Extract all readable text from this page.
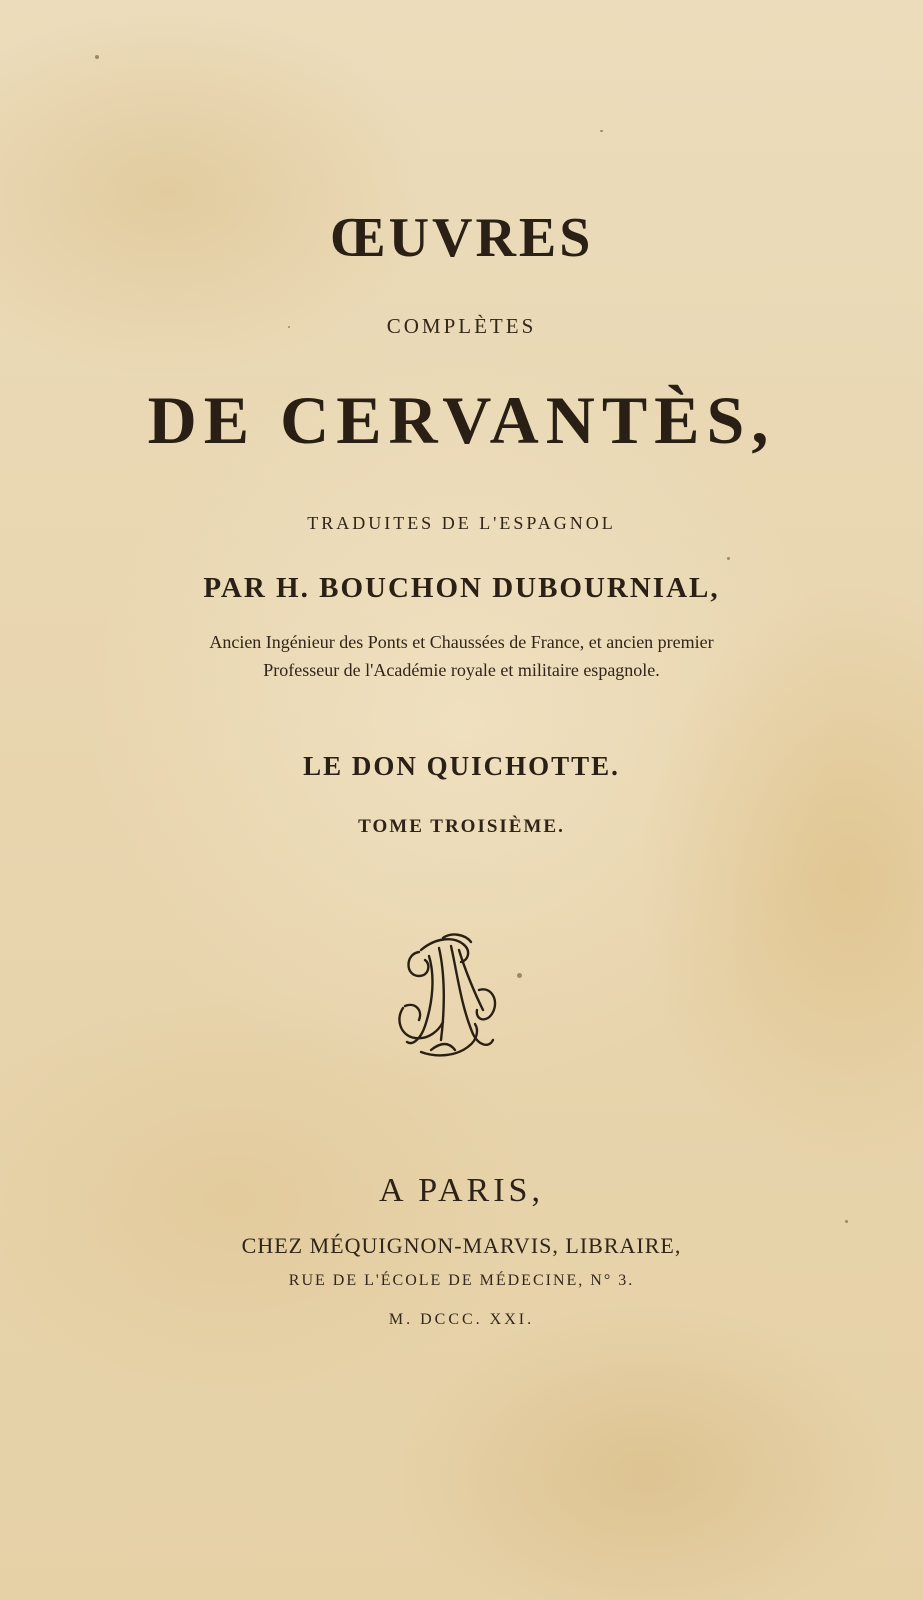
ŒUVRES
COMPLÈTES
DE CERVANTÈS,
TRADUITES DE L'ESPAGNOL
PAR H. BOUCHON DUBOURNIAL,
Ancien Ingénieur des Ponts et Chaussées de France, et ancien premier
Professeur de l'Académie royale et militaire espagnole.
LE DON QUICHOTTE.
TOME TROISIÈME.
A PARIS,
CHEZ MÉQUIGNON-MARVIS, LIBRAIRE,
RUE DE L'ÉCOLE DE MÉDECINE, N° 3.
M. DCCC. XXI.
